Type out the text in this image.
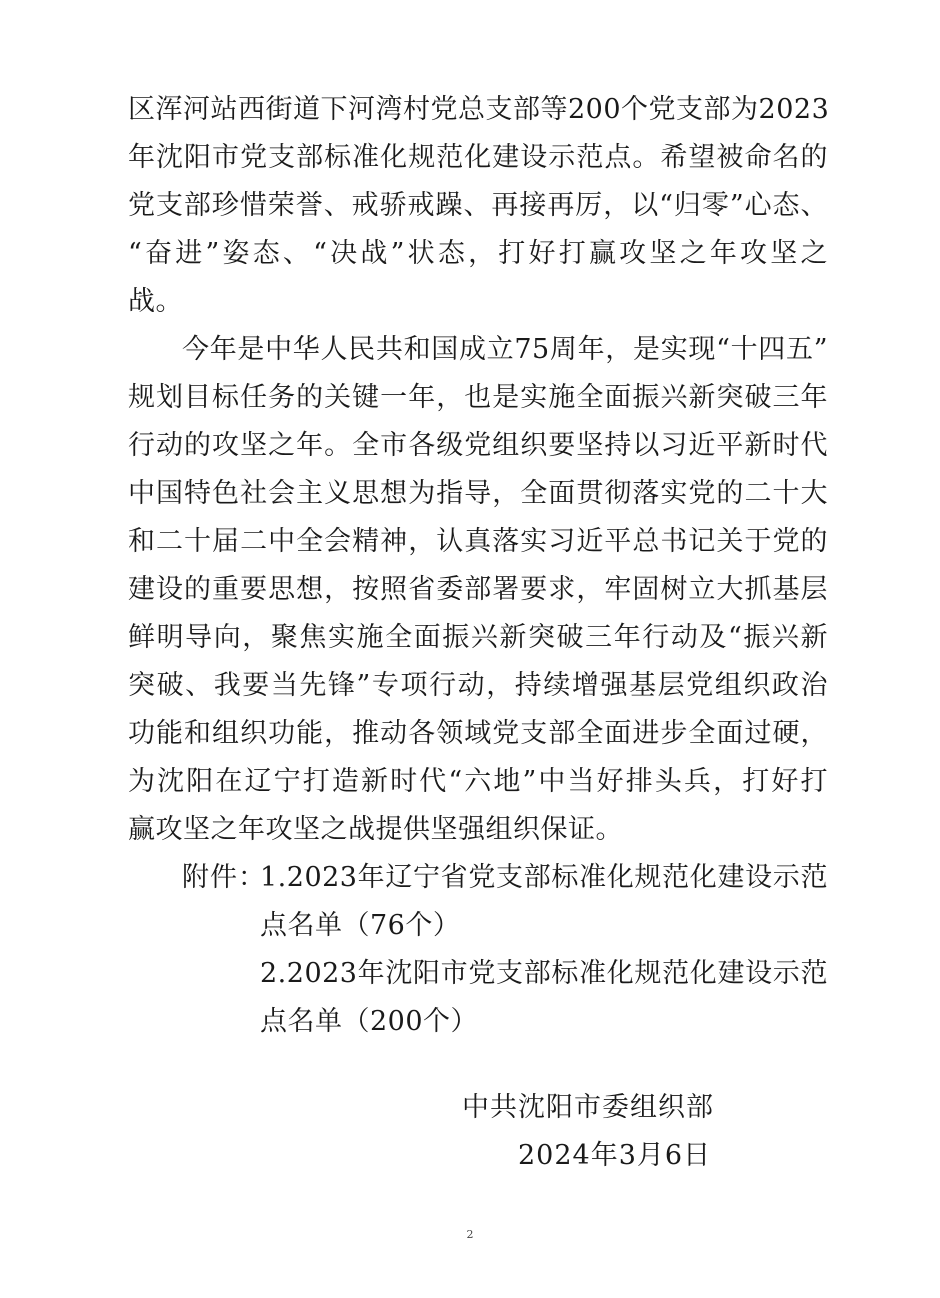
区浑河站西街道下河湾村党总支部等200个党支部为2023
年沈阳市党支部标准化规范化建设示范点。希望被命名的
党支部珍惜荣誉、戒骄戒躁、再接再厉，以“归零”心态、
“奋进”姿态、“决战”状态，打好打赢攻坚之年攻坚之
战。
今年是中华人民共和国成立75周年，是实现“十四五”
规划目标任务的关键一年，也是实施全面振兴新突破三年
行动的攻坚之年。全市各级党组织要坚持以习近平新时代
中国特色社会主义思想为指导，全面贯彻落实党的二十大
和二十届二中全会精神，认真落实习近平总书记关于党的
建设的重要思想，按照省委部署要求，牢固树立大抓基层
鲜明导向，聚焦实施全面振兴新突破三年行动及“振兴新
突破、我要当先锋”专项行动，持续增强基层党组织政治
功能和组织功能，推动各领域党支部全面进步全面过硬，
为沈阳在辽宁打造新时代“六地”中当好排头兵，打好打
赢攻坚之年攻坚之战提供坚强组织保证。
附件：
1.2023年辽宁省党支部标准化规范化建设示范
点名单（76个）
2.2023年沈阳市党支部标准化规范化建设示范
点名单（200个）
中共沈阳市委组织部
2024年3月6日
2
